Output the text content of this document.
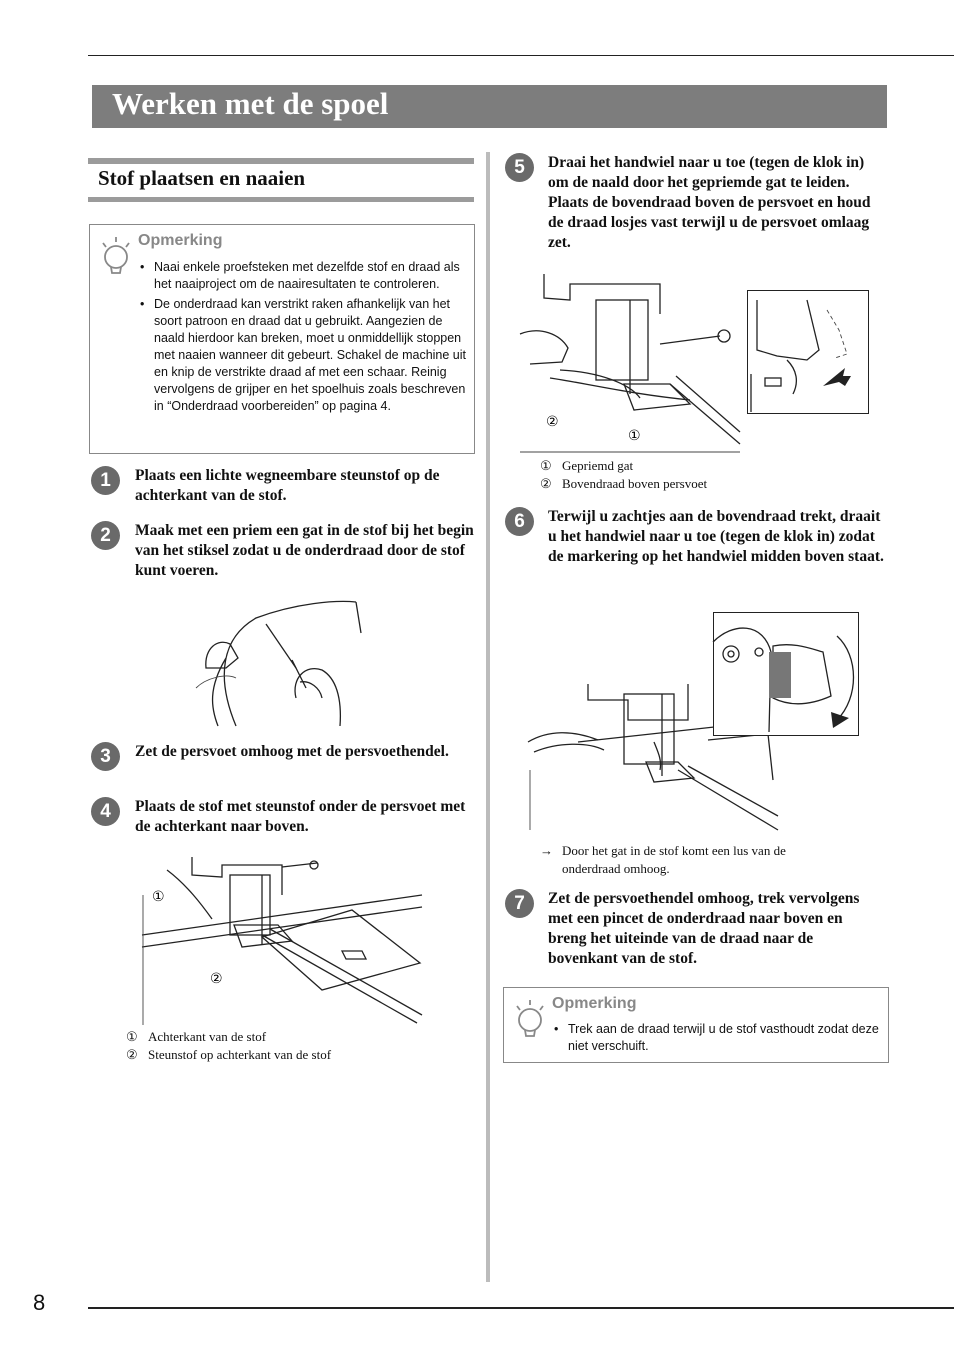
Werken met de spoel
Stof plaatsen en naaien
Opmerking
• Naai enkele proefsteken met dezelfde stof en draad als het naaiproject om de naairesultaten te controleren.
• De onderdraad kan verstrikt raken afhankelijk van het soort patroon en draad dat u gebruikt. Aangezien de naald hierdoor kan breken, moet u onmiddellijk stoppen met naaien wanneer dit gebeurt. Schakel de machine uit en knip de verstrikte draad af met een schaar. Reinig vervolgens de grijper en het spoelhuis zoals beschreven in “Onderdraad voorbereiden” op pagina 4.
1	Plaats een lichte wegneembare steunstof op de achterkant van de stof.
2	Maak met een priem een gat in de stof bij het begin van het stiksel zodat u de onderdraad door de stof kunt voeren.
3	Zet de persvoet omhoog met de persvoethendel.
4	Plaats de stof met steunstof onder de persvoet met de achterkant naar boven.
①
②
① Achterkant van de stof
② Steunstof op achterkant van de stof
5	Draai het handwiel naar u toe (tegen de klok in) om de naald door het gepriemde gat te leiden. Plaats de bovendraad boven de persvoet en houd de draad losjes vast terwijl u de persvoet omlaag zet.
②
①
① Gepriemd gat
② Bovendraad boven persvoet
6	Terwijl u zachtjes aan de bovendraad trekt, draait u het handwiel naar u toe (tegen de klok in) zodat de markering op het handwiel midden boven staat.
→ Door het gat in de stof komt een lus van de onderdraad omhoog.
7	Zet de persvoethendel omhoog, trek vervolgens met een pincet de onderdraad naar boven en breng het uiteinde van de draad naar de bovenkant van de stof.
Opmerking
• Trek aan de draad terwijl u de stof vasthoudt zodat deze niet verschuift.
8
